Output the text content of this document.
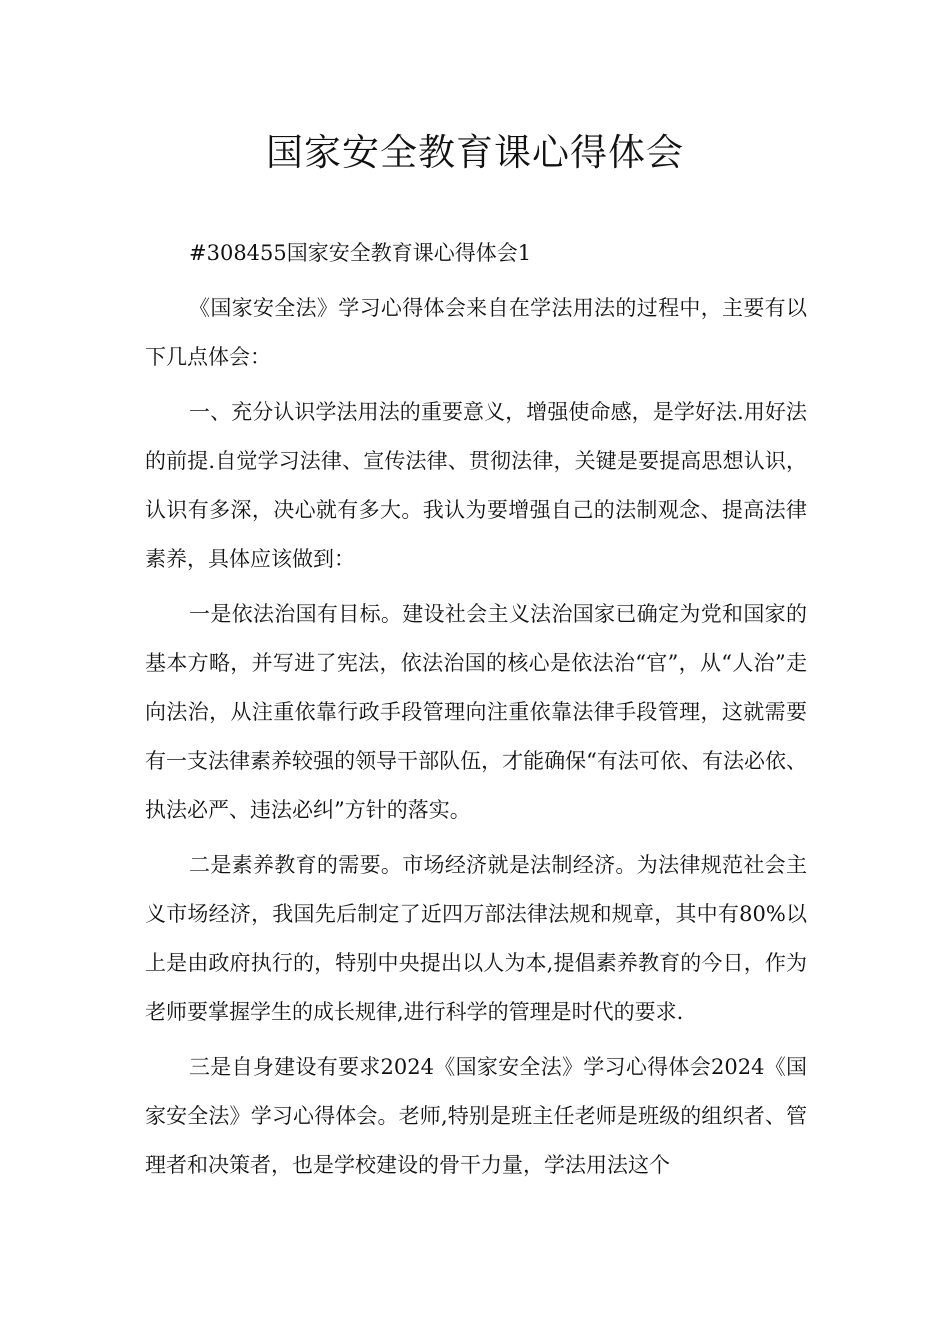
国家安全教育课心得体会

#308455国家安全教育课心得体会1

《国家安全法》学习心得体会来自在学法用法的过程中，主要有以下几点体会：

一、充分认识学法用法的重要意义，增强使命感，是学好法.用好法的前提.自觉学习法律、宣传法律、贯彻法律，关键是要提高思想认识，认识有多深，决心就有多大。我认为要增强自己的法制观念、提高法律素养，具体应该做到：

一是依法治国有目标。建设社会主义法治国家已确定为党和国家的基本方略，并写进了宪法，依法治国的核心是依法治“官”，从“人治”走向法治，从注重依靠行政手段管理向注重依靠法律手段管理，这就需要有一支法律素养较强的领导干部队伍，才能确保“有法可依、有法必依、执法必严、违法必纠”方针的落实。

二是素养教育的需要。市场经济就是法制经济。为法律规范社会主义市场经济，我国先后制定了近四万部法律法规和规章，其中有80%以上是由政府执行的，特别中央提出以人为本,提倡素养教育的今日，作为老师要掌握学生的成长规律,进行科学的管理是时代的要求.

三是自身建设有要求2024《国家安全法》学习心得体会2024《国家安全法》学习心得体会。老师,特别是班主任老师是班级的组织者、管理者和决策者，也是学校建设的骨干力量，学法用法这个
